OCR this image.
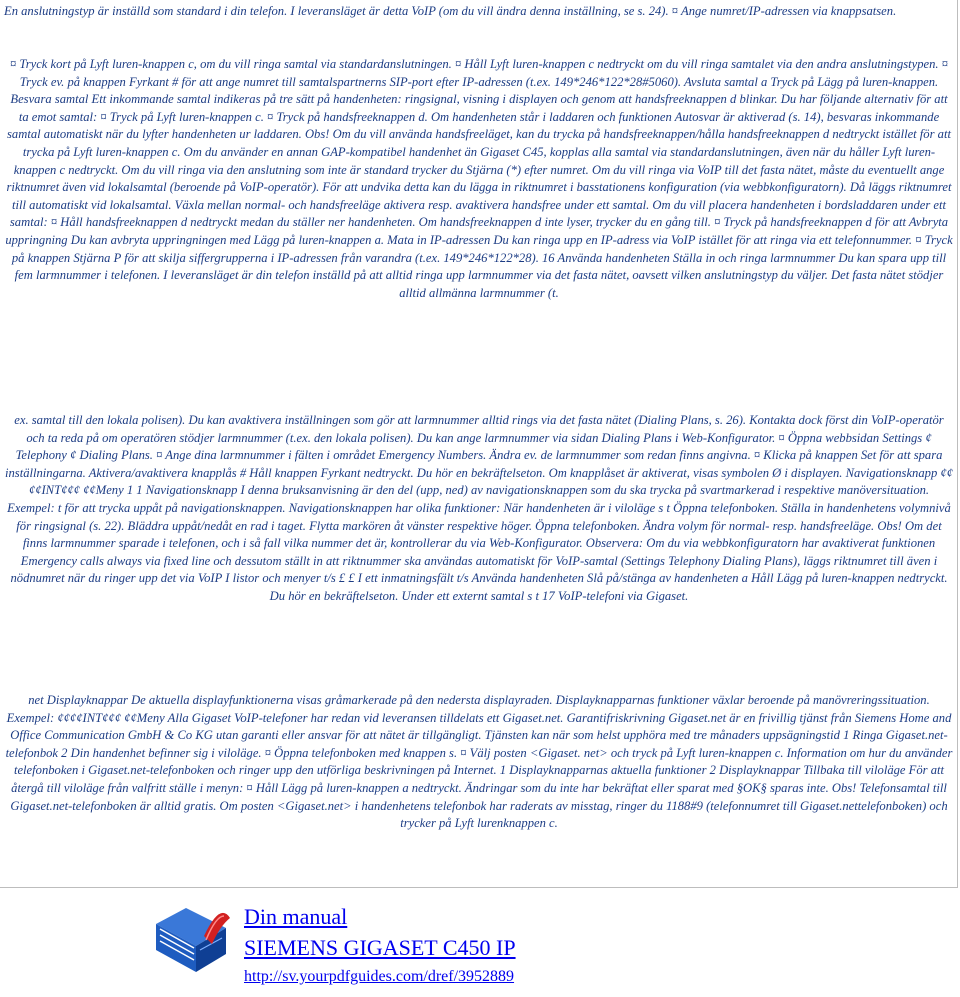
En anslutningstyp är inställd som standard i din telefon. I leveransläget är detta VoIP (om du vill ändra denna inställning, se s. 24). ¤ Ange numret/IP-adressen via knappsatsen.

¤ Tryck kort på Lyft luren-knappen c, om du vill ringa samtal via standardanslutningen. ¤ Håll Lyft luren-knappen c nedtryckt om du vill ringa samtalet via den andra anslutningstypen. ¤ Tryck ev. på knappen Fyrkant # för att ange numret till samtalspartnerns SIP-port efter IP-adressen (t.ex. 149*246*122*28#5060). Avsluta samtal a Tryck på Lägg på luren-knappen. Besvara samtal Ett inkommande samtal indikeras på tre sätt på handenheten: ringsignal, visning i displayen och genom att handsfreeknappen d blinkar. Du har följande alternativ för att ta emot samtal: ¤ Tryck på Lyft luren-knappen c. ¤ Tryck på handsfreeknappen d. Om handenheten står i laddaren och funktionen Autosvar är aktiverad (s. 14), besvaras inkommande samtal automatiskt när du lyfter handenheten ur laddaren. Obs! Om du vill använda handsfreeläget, kan du trycka på handsfreeknappen/hålla handsfreeknappen d nedtryckt istället för att trycka på Lyft luren-knappen c. Om du använder en annan GAP-kompatibel handenhet än Gigaset C45, kopplas alla samtal via standardanslutningen, även när du håller Lyft luren-knappen c nedtryckt. Om du vill ringa via den anslutning som inte är standard trycker du Stjärna (*) efter numret. Om du vill ringa via VoIP till det fasta nätet, måste du eventuellt ange riktnumret även vid lokalsamtal (beroende på VoIP-operatör). För att undvika detta kan du lägga in riktnumret i basstationens konfiguration (via webbkonfiguratorn). Då läggs riktnumret till automatiskt vid lokalsamtal. Växla mellan normal- och handsfreeläge aktivera resp. avaktivera handsfree under ett samtal. Om du vill placera handenheten i bordsladdaren under ett samtal: ¤ Håll handsfreeknappen d nedtryckt medan du ställer ner handenheten. Om handsfreeknappen d inte lyser, trycker du en gång till. ¤ Tryck på handsfreeknappen d för att Avbryta uppringning Du kan avbryta uppringningen med Lägg på luren-knappen a. Mata in IP-adressen Du kan ringa upp en IP-adress via VoIP istället för att ringa via ett telefonnummer. ¤ Tryck på knappen Stjärna P för att skilja siffergrupperna i IP-adressen från varandra (t.ex. 149*246*122*28). 16 Använda handenheten Ställa in och ringa larmnummer Du kan spara upp till fem larmnummer i telefonen. I leveransläget är din telefon inställd på att alltid ringa upp larmnummer via det fasta nätet, oavsett vilken anslutningstyp du väljer. Det fasta nätet stödjer alltid allmänna larmnummer (t.

ex. samtal till den lokala polisen). Du kan avaktivera inställningen som gör att larmnummer alltid rings via det fasta nätet (Dialing Plans, s. 26). Kontakta dock först din VoIP-operatör och ta reda på om operatören stödjer larmnummer (t.ex. den lokala polisen). Du kan ange larmnummer via sidan Dialing Plans i Web-Konfigurator. ¤ Öppna webbsidan Settings ¢ Telephony ¢ Dialing Plans. ¤ Ange dina larmnummer i fälten i området Emergency Numbers. Ändra ev. de larmnummer som redan finns angivna. ¤ Klicka på knappen Set för att spara inställningarna. Aktivera/avaktivera knapplås # Håll knappen Fyrkant nedtryckt. Du hör en bekräftelseton. Om knapplåset är aktiverat, visas symbolen Ø i displayen. Navigationsknapp ¢¢¢¢INT¢¢¢ ¢¢Meny 1 1 Navigationsknapp I denna bruksanvisning är den del (upp, ned) av navigationsknappen som du ska trycka på svartmarkerad i respektive manöversituation. Exempel: t för att trycka uppåt på navigationsknappen. Navigationsknappen har olika funktioner: När handenheten är i viloläge s t Öppna telefonboken. Ställa in handenhetens volymnivå för ringsignal (s. 22). Bläddra uppåt/nedåt en rad i taget. Flytta markören åt vänster respektive höger. Öppna telefonboken. Ändra volym för normal- resp. handsfreeläge. Obs! Om det finns larmnummer sparade i telefonen, och i så fall vilka nummer det är, kontrollerar du via Web-Konfigurator. Observera: Om du via webbkonfiguratorn har avaktiverat funktionen Emergency calls always via fixed line och dessutom ställt in att riktnummer ska användas automatiskt för VoIP-samtal (Settings Telephony Dialing Plans), läggs riktnumret till även i nödnumret när du ringer upp det via VoIP I listor och menyer t/s £ £ I ett inmatningsfält t/s Använda handenheten Slå på/stänga av handenheten a Håll Lägg på luren-knappen nedtryckt. Du hör en bekräftelseton. Under ett externt samtal s t 17 VoIP-telefoni via Gigaset.

net Displayknappar De aktuella displayfunktionerna visas gråmarkerade på den nedersta displayraden. Displayknapparnas funktioner växlar beroende på manövreringssituation. Exempel: ¢¢¢¢INT¢¢¢ ¢¢Meny Alla Gigaset VoIP-telefoner har redan vid leveransen tilldelats ett Gigaset.net. Garantifriskrivning Gigaset.net är en frivillig tjänst från Siemens Home and Office Communication GmbH & Co KG utan garanti eller ansvar för att nätet är tillgängligt. Tjänsten kan när som helst upphöra med tre månaders uppsägningstid 1 Ringa Gigaset.net-telefonbok 2 Din handenhet befinner sig i viloläge. ¤ Öppna telefonboken med knappen s. ¤ Välj posten <Gigaset. net> och tryck på Lyft luren-knappen c. Information om hur du använder telefonboken i Gigaset.net-telefonboken och ringer upp den utförliga beskrivningen på Internet. 1 Displayknapparnas aktuella funktioner 2 Displayknappar Tillbaka till viloläge För att återgå till viloläge från valfritt ställe i menyn: ¤ Håll Lägg på luren-knappen a nedtryckt. Ändringar som du inte har bekräftat eller sparat med §OK§ sparas inte. Obs! Telefonsamtal till Gigaset.net-telefonboken är alltid gratis. Om posten <Gigaset.net> i handenhetens telefonbok har raderats av misstag, ringer du 1188#9 (telefonnumret till Gigaset.nettelefonboken) och trycker på Lyft lurenknappen c.

Din manual
SIEMENS GIGASET C450 IP
http://sv.yourpdfguides.com/dref/3952889
